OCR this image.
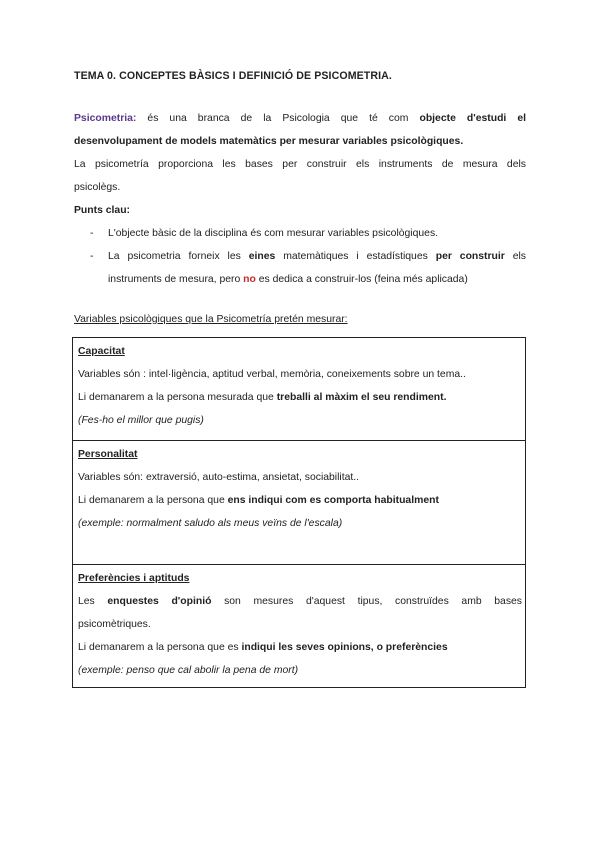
TEMA 0. CONCEPTES BÀSICS I DEFINICIÓ DE PSICOMETRIA.
Psicometria: és una branca de la Psicologia que té com objecte d'estudi el
desenvolupament de models matemàtics per mesurar variables psicològiques.
La psicometría proporciona les bases per construir els instruments de mesura dels
psicolègs.
Punts clau:
- L'objecte bàsic de la disciplina és com mesurar variables psicològiques.
- La psicometria forneix les eines matemàtiques i estadístiques per construir els
instruments de mesura, pero no es dedica a construir-los (feina més aplicada)
Variables psicològiques que la Psicometría pretén mesurar:
Capacitat
Variables són : intel·ligència, aptitud verbal, memòria, coneixements sobre un tema..
Li demanarem a la persona mesurada que treballi al màxim el seu rendiment.
(Fes-ho el millor que pugis)
Personalitat
Variables són: extraversió, auto-estima, ansietat, sociabilitat..
Li demanarem a la persona que ens indiqui com es comporta habitualment
(exemple: normalment saludo als meus veïns de l'escala)
Preferències i aptituds
Les enquestes d'opinió son mesures d'aquest tipus, construïdes amb bases
psicomètriques.
Li demanarem a la persona que es indiqui les seves opinions, o preferències
(exemple: penso que cal abolir la pena de mort)
